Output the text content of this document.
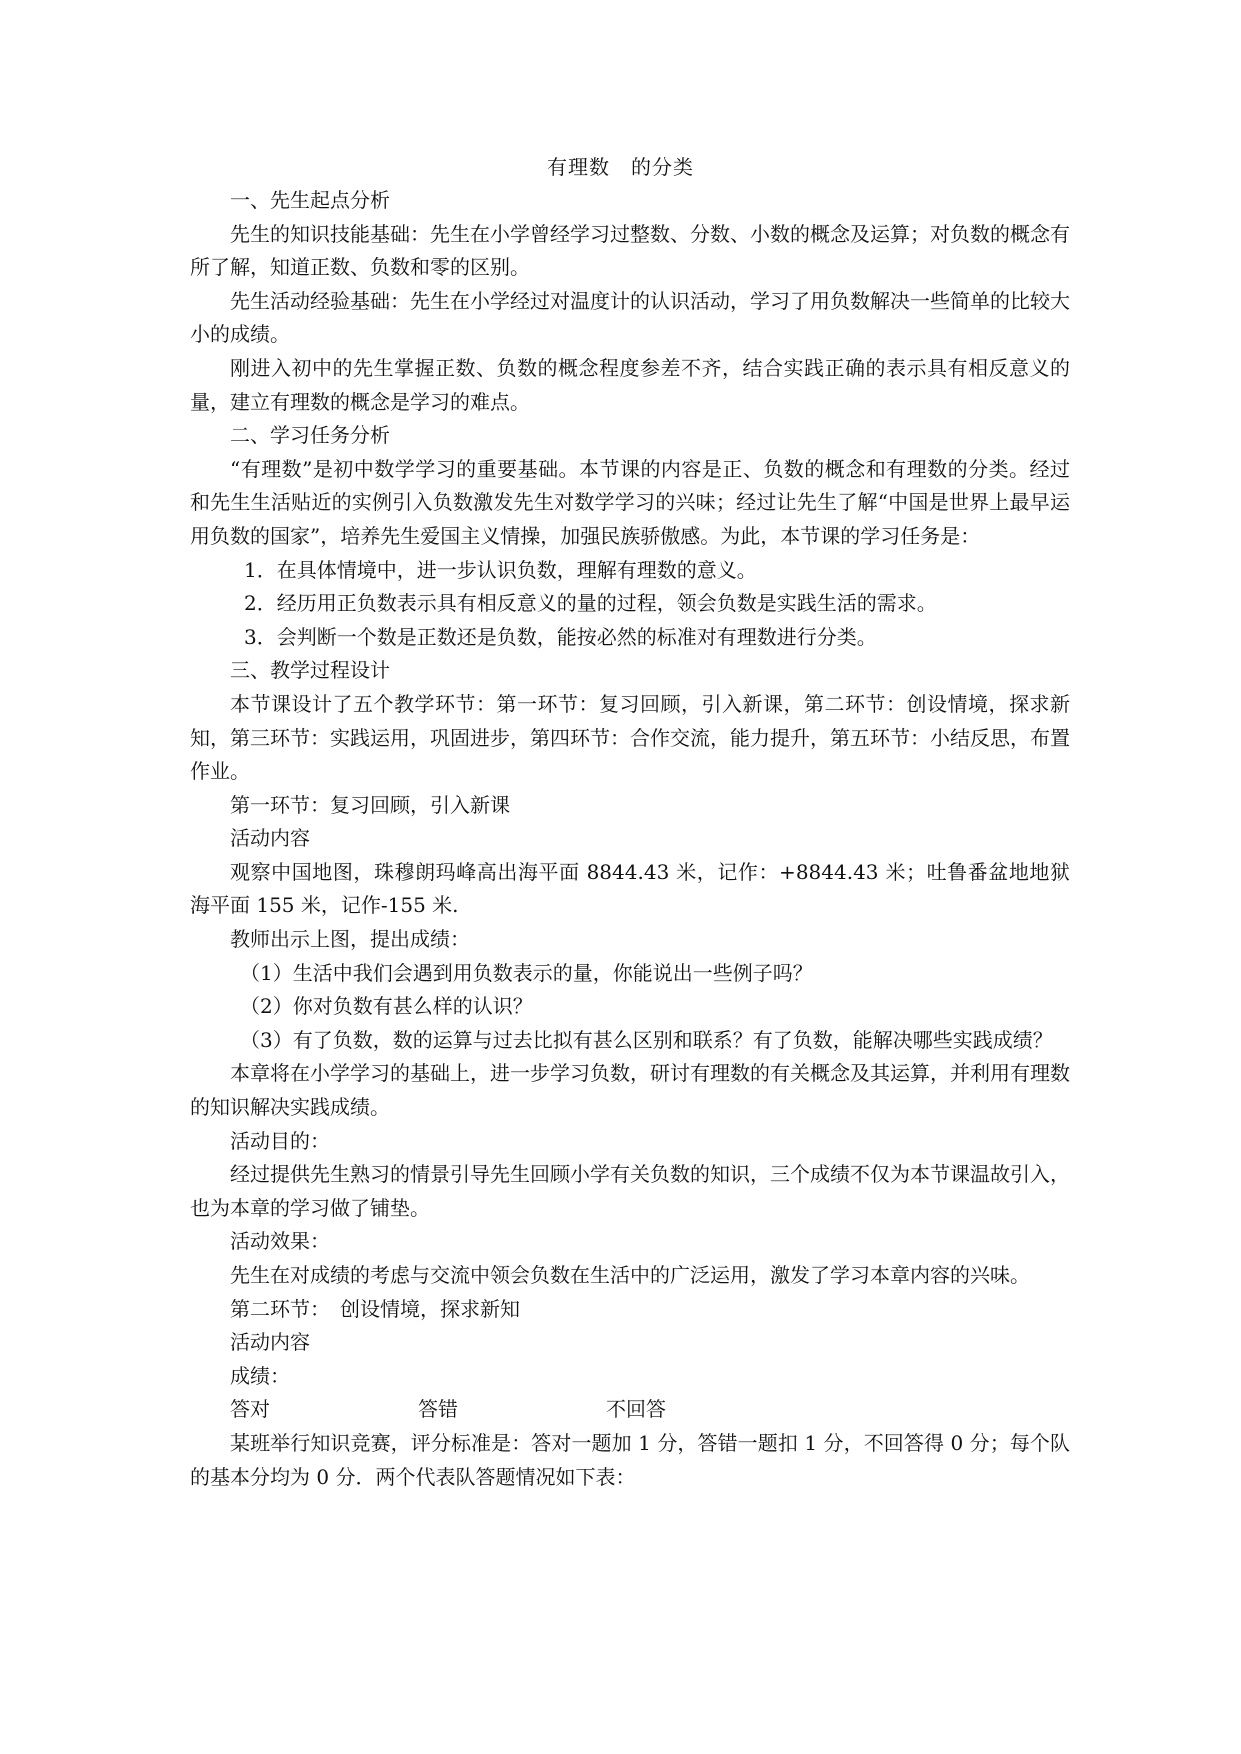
有理数　的分类

一、先生起点分析

先生的知识技能基础：先生在小学曾经学习过整数、分数、小数的概念及运算；对负数的概念有所了解，知道正数、负数和零的区别。

先生活动经验基础：先生在小学经过对温度计的认识活动，学习了用负数解决一些简单的比较大小的成绩。

刚进入初中的先生掌握正数、负数的概念程度参差不齐，结合实践正确的表示具有相反意义的量，建立有理数的概念是学习的难点。

二、学习任务分析

“有理数”是初中数学学习的重要基础。本节课的内容是正、负数的概念和有理数的分类。经过和先生生活贴近的实例引入负数激发先生对数学学习的兴味；经过让先生了解“中国是世界上最早运用负数的国家”，培养先生爱国主义情操，加强民族骄傲感。为此，本节课的学习任务是：

1．在具体情境中，进一步认识负数，理解有理数的意义。

2．经历用正负数表示具有相反意义的量的过程，领会负数是实践生活的需求。

3．会判断一个数是正数还是负数，能按必然的标准对有理数进行分类。

三、教学过程设计

本节课设计了五个教学环节：第一环节：复习回顾，引入新课，第二环节：创设情境，探求新知，第三环节：实践运用，巩固进步，第四环节：合作交流，能力提升，第五环节：小结反思，布置作业。

第一环节：复习回顾，引入新课

活动内容

观察中国地图，珠穆朗玛峰高出海平面 8844.43 米，记作：+8844.43 米；吐鲁番盆地地狱海平面 155 米，记作-155 米.

教师出示上图，提出成绩：

（1）生活中我们会遇到用负数表示的量，你能说出一些例子吗？

（2）你对负数有甚么样的认识？

（3）有了负数，数的运算与过去比拟有甚么区别和联系？有了负数，能解决哪些实践成绩？

本章将在小学学习的基础上，进一步学习负数，研讨有理数的有关概念及其运算，并利用有理数的知识解决实践成绩。

活动目的：

经过提供先生熟习的情景引导先生回顾小学有关负数的知识，三个成绩不仅为本节课温故引入，也为本章的学习做了铺垫。

活动效果：

先生在对成绩的考虑与交流中领会负数在生活中的广泛运用，激发了学习本章内容的兴味。

第二环节：　创设情境，探求新知

活动内容

成绩：

答对	答错	不回答

某班举行知识竞赛，评分标准是：答对一题加 1 分，答错一题扣 1 分，不回答得 0 分；每个队的基本分均为 0 分．两个代表队答题情况如下表：
